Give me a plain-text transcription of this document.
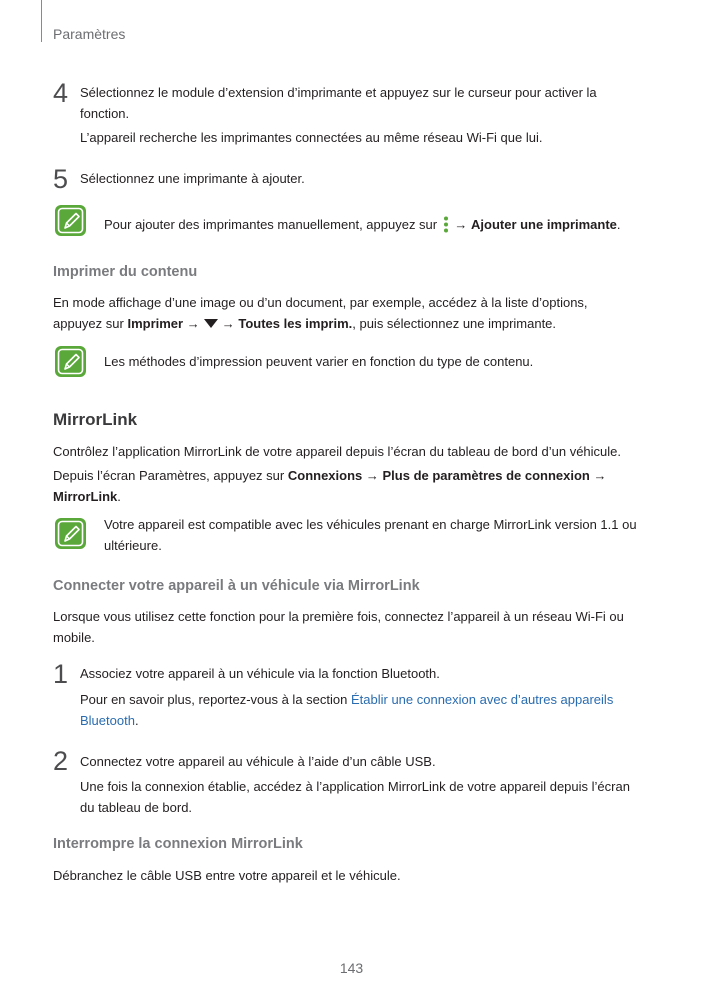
Paramètres
4 Sélectionnez le module d’extension d’imprimante et appuyez sur le curseur pour activer la
fonction.
L’appareil recherche les imprimantes connectées au même réseau Wi-Fi que lui.
5 Sélectionnez une imprimante à ajouter.
Pour ajouter des imprimantes manuellement, appuyez sur → Ajouter une imprimante.
Imprimer du contenu
En mode affichage d’une image ou d’un document, par exemple, accédez à la liste d’options,
appuyez sur Imprimer → → Toutes les imprim., puis sélectionnez une imprimante.
Les méthodes d’impression peuvent varier en fonction du type de contenu.
MirrorLink
Contrôlez l’application MirrorLink de votre appareil depuis l’écran du tableau de bord d’un véhicule.
Depuis l’écran Paramètres, appuyez sur Connexions → Plus de paramètres de connexion →
MirrorLink.
Votre appareil est compatible avec les véhicules prenant en charge MirrorLink version 1.1 ou
ultérieure.
Connecter votre appareil à un véhicule via MirrorLink
Lorsque vous utilisez cette fonction pour la première fois, connectez l’appareil à un réseau Wi-Fi ou
mobile.
1 Associez votre appareil à un véhicule via la fonction Bluetooth.
Pour en savoir plus, reportez-vous à la section Établir une connexion avec d’autres appareils
Bluetooth.
2 Connectez votre appareil au véhicule à l’aide d’un câble USB.
Une fois la connexion établie, accédez à l’application MirrorLink de votre appareil depuis l’écran
du tableau de bord.
Interrompre la connexion MirrorLink
Débranchez le câble USB entre votre appareil et le véhicule.
143
